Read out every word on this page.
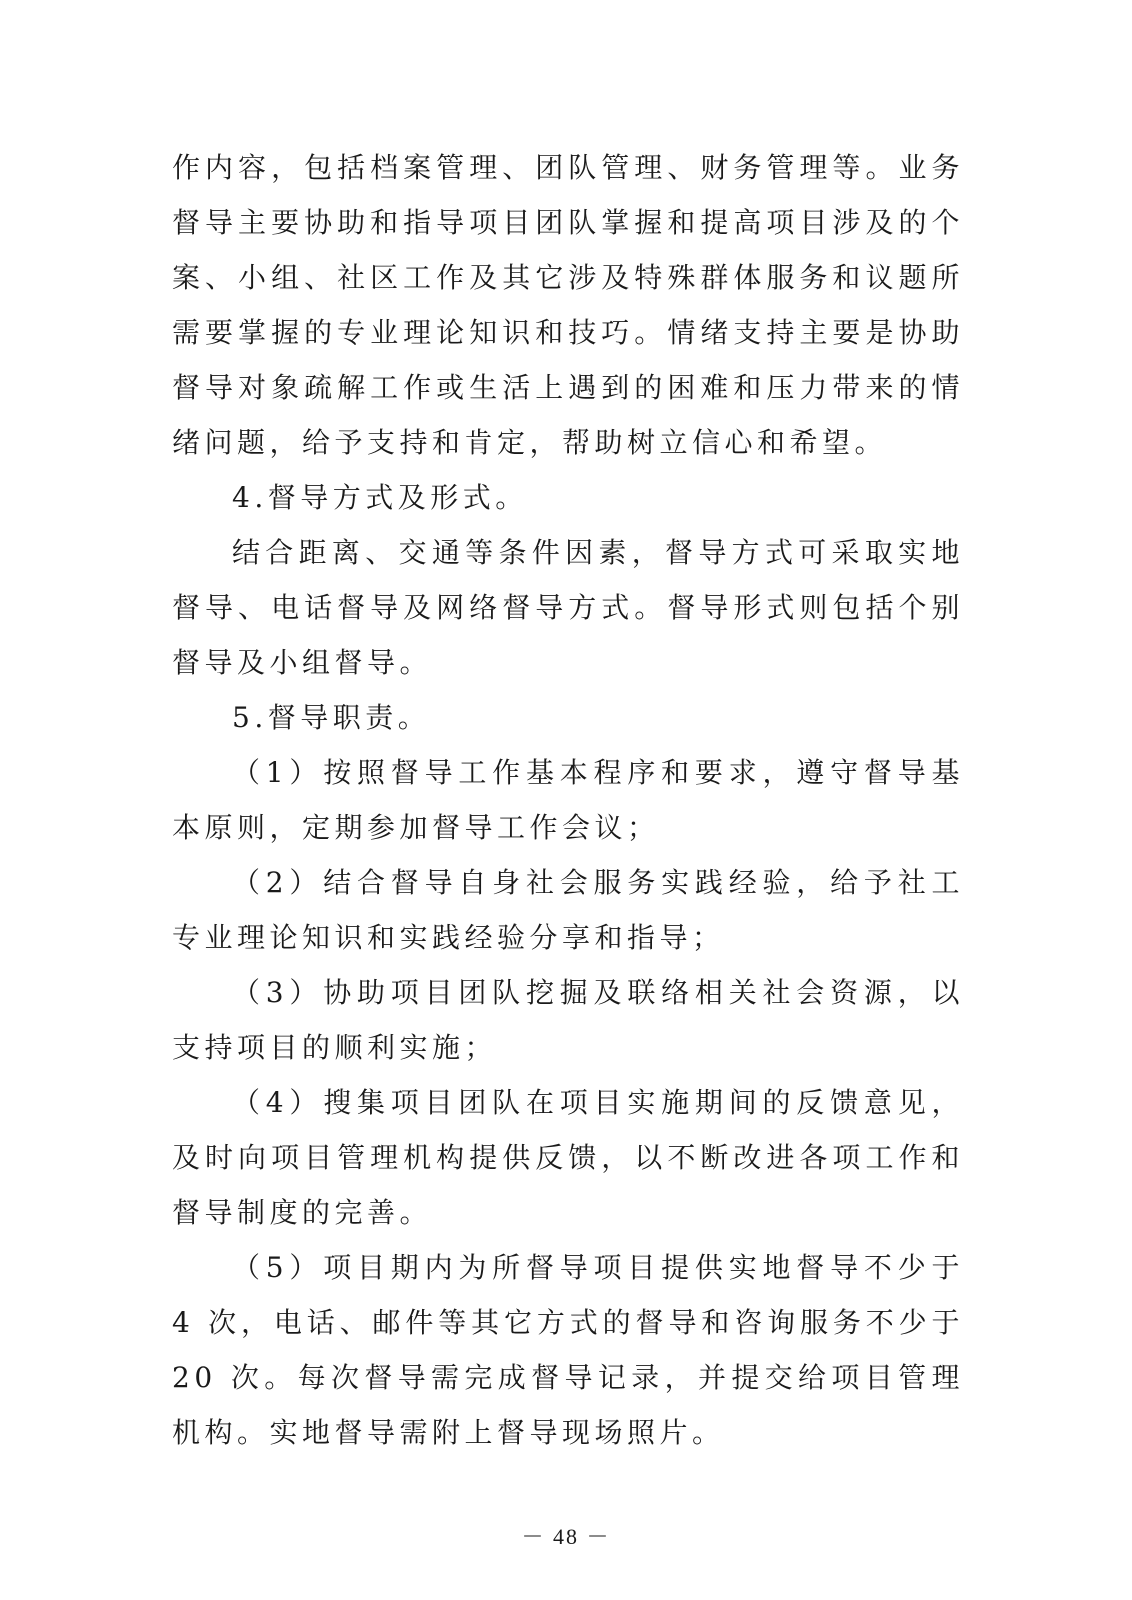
作内容，包括档案管理、团队管理、财务管理等。业务督导主要协助和指导项目团队掌握和提高项目涉及的个案、小组、社区工作及其它涉及特殊群体服务和议题所需要掌握的专业理论知识和技巧。情绪支持主要是协助督导对象疏解工作或生活上遇到的困难和压力带来的情绪问题，给予支持和肯定，帮助树立信心和希望。

4.督导方式及形式。

结合距离、交通等条件因素，督导方式可采取实地督导、电话督导及网络督导方式。督导形式则包括个别督导及小组督导。

5.督导职责。

（1）按照督导工作基本程序和要求，遵守督导基本原则，定期参加督导工作会议；

（2）结合督导自身社会服务实践经验，给予社工专业理论知识和实践经验分享和指导；

（3）协助项目团队挖掘及联络相关社会资源，以支持项目的顺利实施；

（4）搜集项目团队在项目实施期间的反馈意见，及时向项目管理机构提供反馈，以不断改进各项工作和督导制度的完善。

（5）项目期内为所督导项目提供实地督导不少于 4 次，电话、邮件等其它方式的督导和咨询服务不少于 20 次。每次督导需完成督导记录，并提交给项目管理机构。实地督导需附上督导现场照片。

－ 48 －
